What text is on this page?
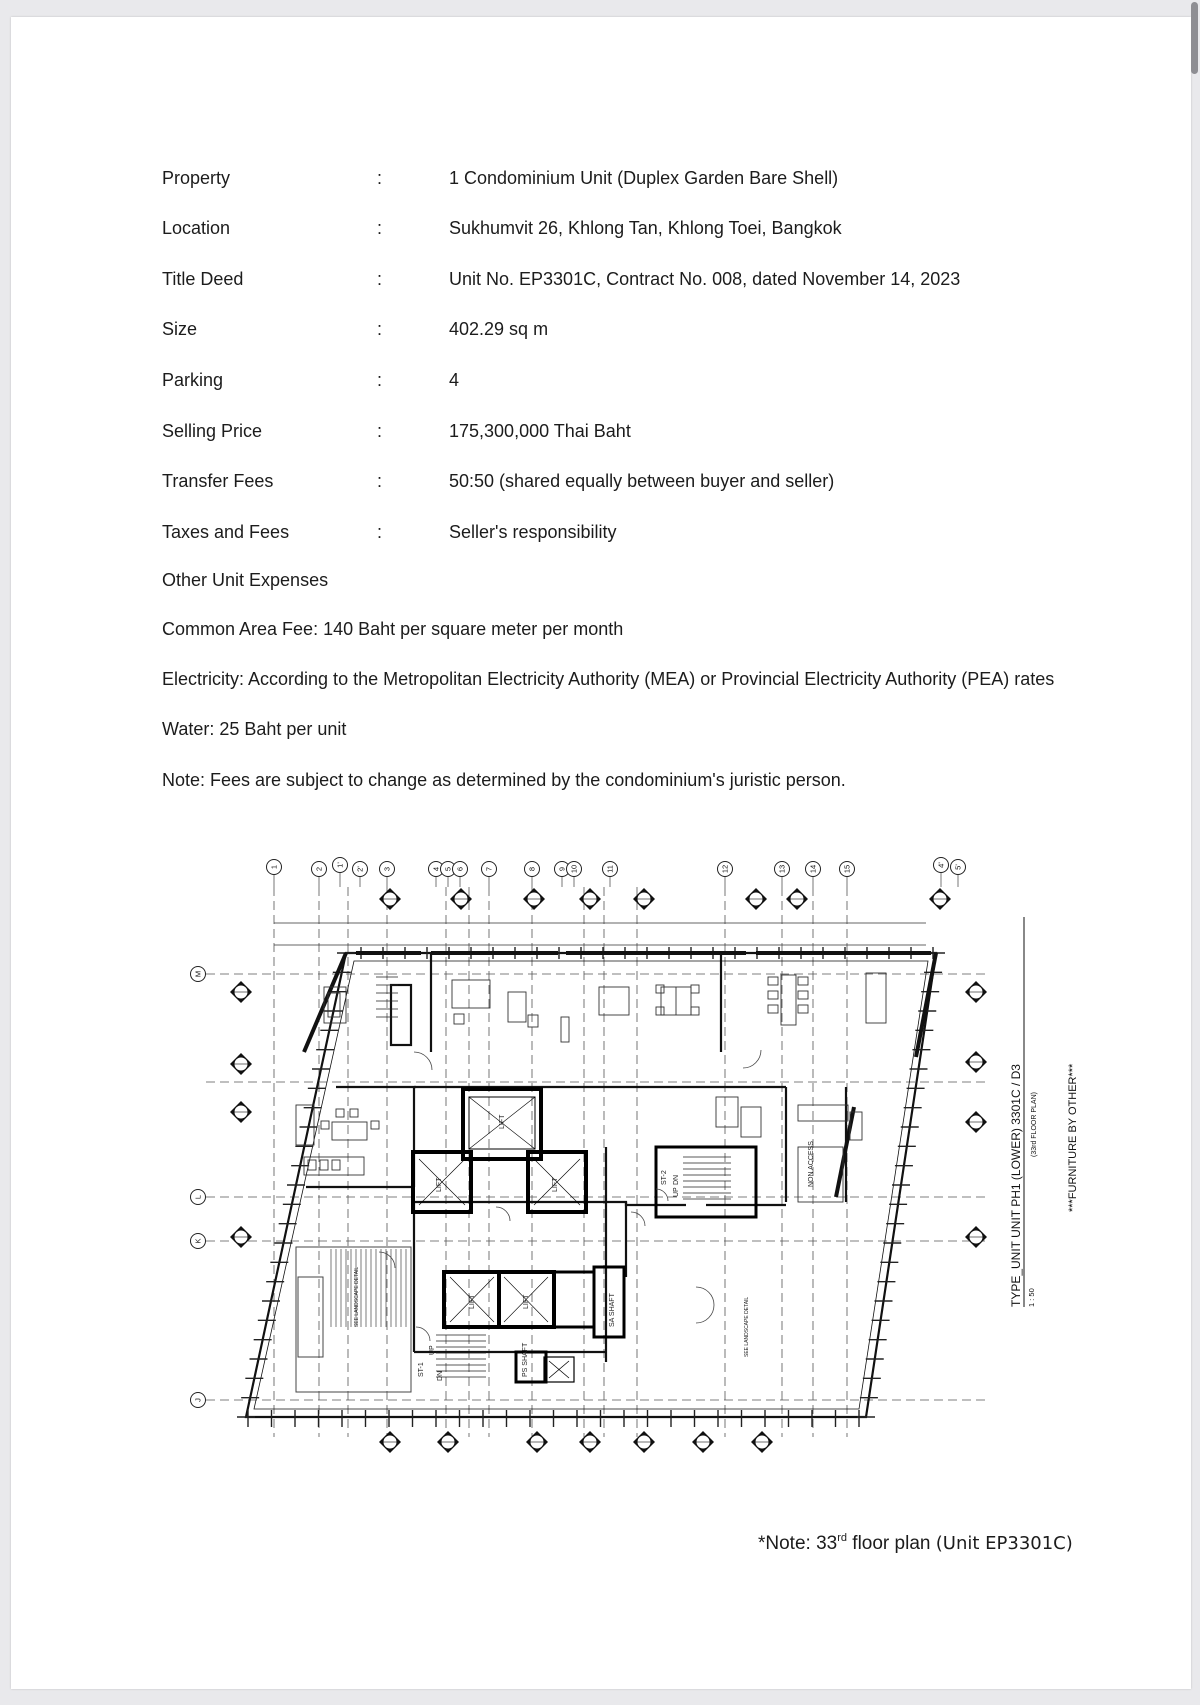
Property	:	1 Condominium Unit (Duplex Garden Bare Shell)
Location	:	Sukhumvit 26, Khlong Tan, Khlong Toei, Bangkok
Title Deed	:	Unit No. EP3301C, Contract No. 008, dated November 14, 2023
Size	:	402.29 sq m
Parking	:	4
Selling Price	:	175,300,000 Thai Baht
Transfer Fees	:	50:50 (shared equally between buyer and seller)
Taxes and Fees	:	Seller's responsibility
Other Unit Expenses
Common Area Fee: 140 Baht per square meter per month
Electricity: According to the Metropolitan Electricity Authority (MEA) or Provincial Electricity Authority (PEA) rates
Water: 25 Baht per unit
Note: Fees are subject to change as determined by the condominium's juristic person.
1	2
1'
2' 3	4 5 6	7	8	9 10	11	12	13	14	15	4' 5'
M
L
K
J
ST-1
ST-2	NON ACCESS
PS SHAFT
SA SHAFT
LIFT
LIFT	LIFT
LIFT	LIFT
UP
DN
UP
DN
SEE LANDSCAPE DETAIL
SEE LANDSCAPE DETAIL	TYPE_UNIT UNIT PH1 (LOWER) 3301C / D3 1 : 50
(33rd FLOOR PLAN)	***FURNITURE BY OTHER***
*Note: 33rd floor plan (Unit EP3301C)
